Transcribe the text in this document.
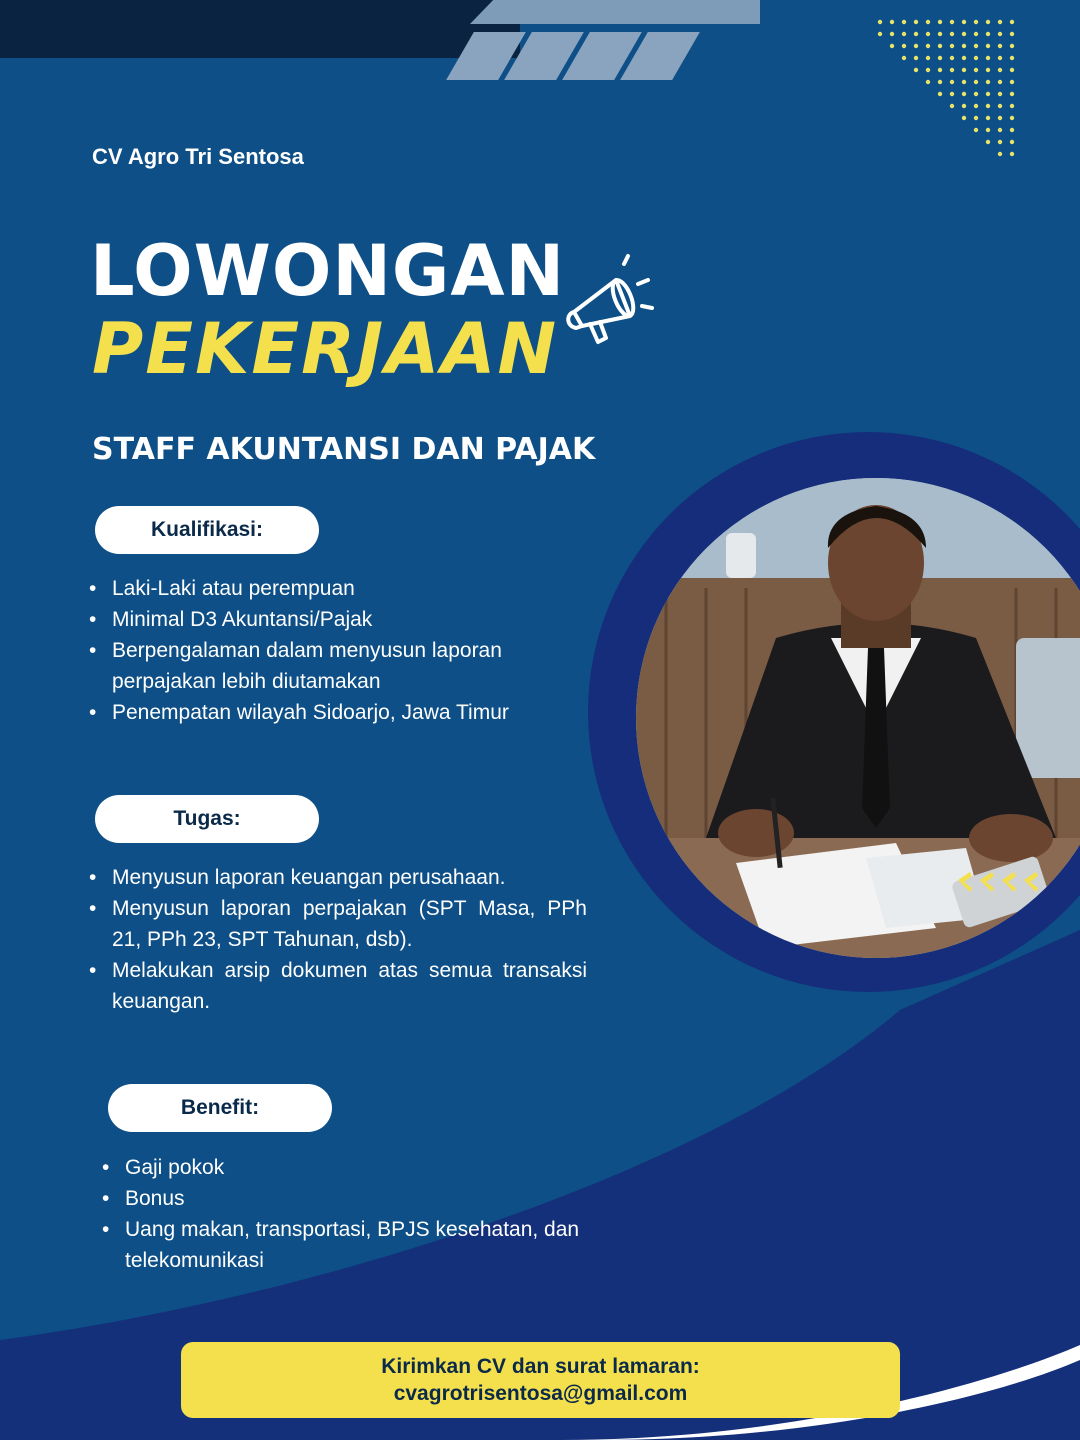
CV Agro Tri Sentosa
LOWONGAN
PEKERJAAN
STAFF AKUNTANSI DAN PAJAK
Kualifikasi:
• Laki-Laki atau perempuan
• Minimal D3 Akuntansi/Pajak
• Berpengalaman dalam menyusun laporan perpajakan lebih diutamakan
• Penempatan wilayah Sidoarjo, Jawa Timur
Tugas:
• Menyusun laporan keuangan perusahaan.
• Menyusun laporan perpajakan (SPT Masa, PPh 21, PPh 23, SPT Tahunan, dsb).
• Melakukan arsip dokumen atas semua transaksi keuangan.
Benefit:
• Gaji pokok
• Bonus
• Uang makan, transportasi, BPJS kesehatan, dan telekomunikasi
Kirimkan CV dan surat lamaran:
cvagrotrisentosa@gmail.com
